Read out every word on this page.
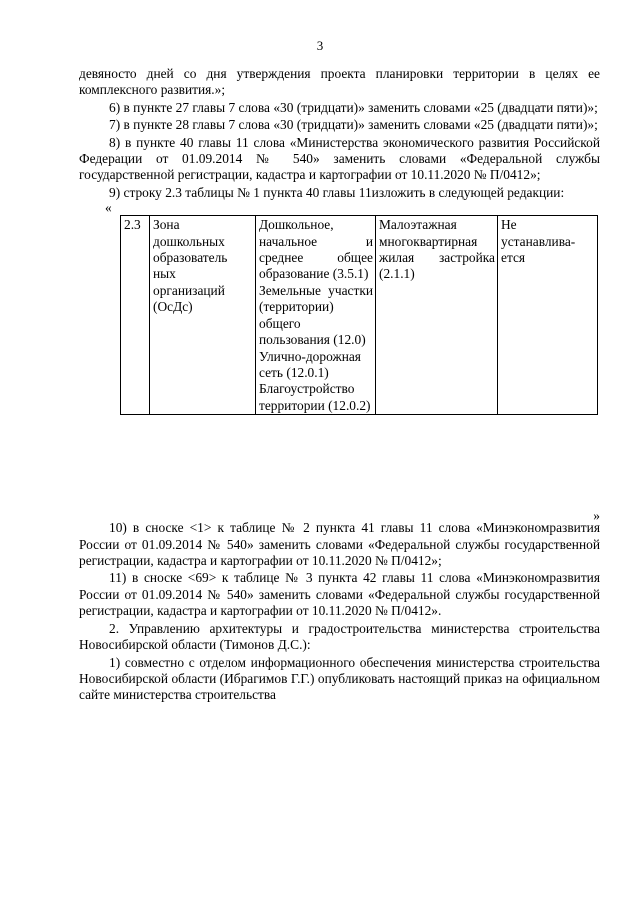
3

девяносто дней со дня утверждения проекта планировки территории в целях ее комплексного развития.»;

6) в пункте 27 главы 7 слова «30 (тридцати)» заменить словами «25 (двадцати пяти)»;

7) в пункте 28 главы 7 слова «30 (тридцати)» заменить словами «25 (двадцати пяти)»;

8) в пункте 40 главы 11 слова «Министерства экономического развития Российской Федерации от 01.09.2014 № 540» заменить словами «Федеральной службы государственной регистрации, кадастра и картографии от 10.11.2020 № П/0412»;

9) строку 2.3 таблицы № 1 пункта 40 главы 11изложить в следующей редакции:

«
2.3	Зона
дошкольных
образователь
ных
организаций
(ОсДс)	Дошкольное, начальное и среднее общее образование (3.5.1)
Земельные участки (территории) общего пользования (12.0)
Улично-дорожная сеть (12.0.1)
Благоустройство территории (12.0.2)	Малоэтажная многоквартирная жилая застройка (2.1.1)	Не
устанавлива-
ется
»

10) в сноске <1> к таблице № 2 пункта 41 главы 11 слова «Минэкономразвития России от 01.09.2014 № 540» заменить словами «Федеральной службы государственной регистрации, кадастра и картографии от 10.11.2020 № П/0412»;

11) в сноске <69> к таблице № 3 пункта 42 главы 11 слова «Минэкономразвития России от 01.09.2014 № 540» заменить словами «Федеральной службы государственной регистрации, кадастра и картографии от 10.11.2020 № П/0412».

2. Управлению архитектуры и градостроительства министерства строительства Новосибирской области (Тимонов Д.С.):

1) совместно с отделом информационного обеспечения министерства строительства Новосибирской области (Ибрагимов Г.Г.) опубликовать настоящий приказ на официальном сайте министерства строительства
